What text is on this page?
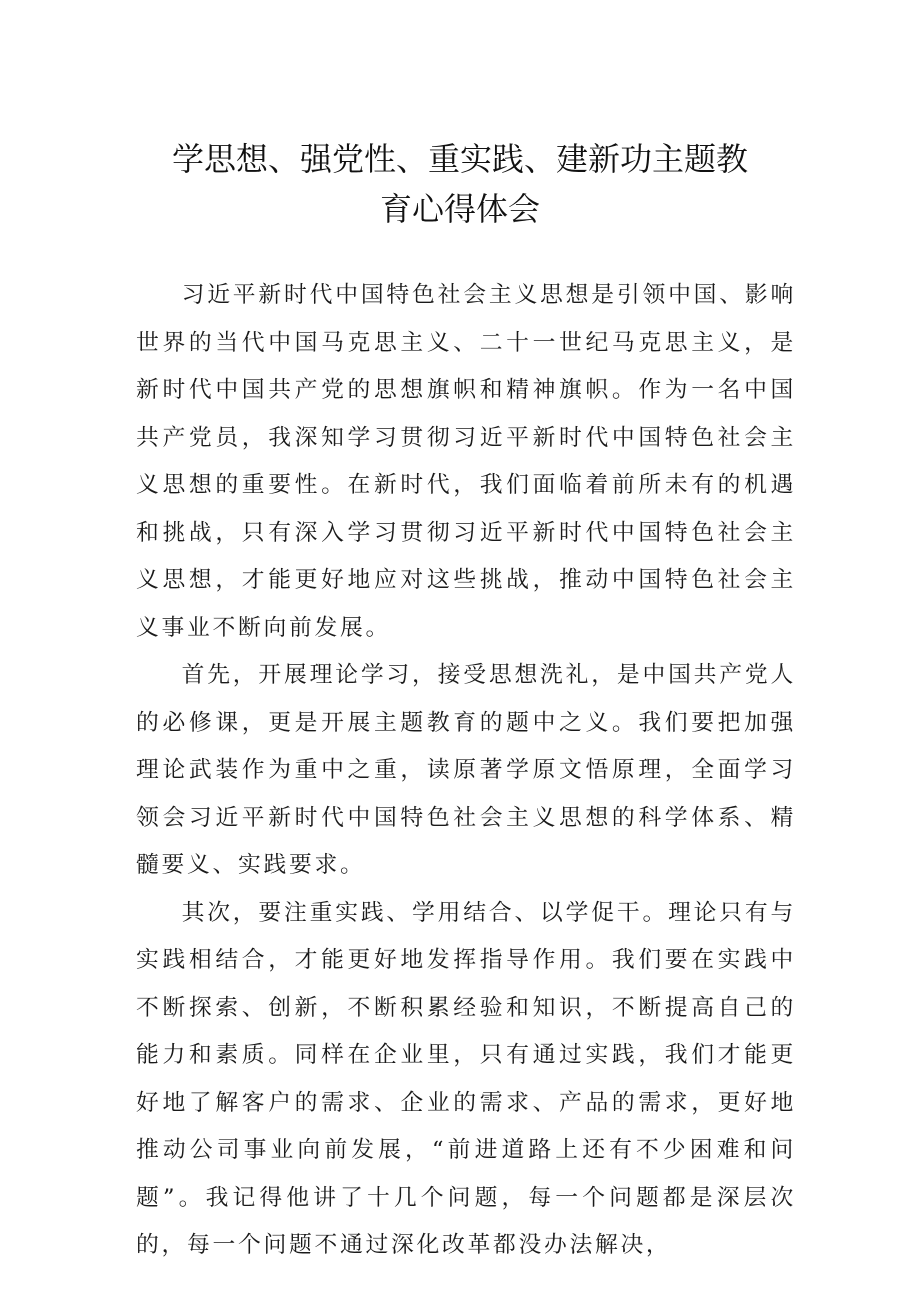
学思想、强党性、重实践、建新功主题教
育心得体会

习近平新时代中国特色社会主义思想是引领中国、影响世界的当代中国马克思主义、二十一世纪马克思主义，是新时代中国共产党的思想旗帜和精神旗帜。作为一名中国共产党员，我深知学习贯彻习近平新时代中国特色社会主义思想的重要性。在新时代，我们面临着前所未有的机遇和挑战，只有深入学习贯彻习近平新时代中国特色社会主义思想，才能更好地应对这些挑战，推动中国特色社会主义事业不断向前发展。

首先，开展理论学习，接受思想洗礼，是中国共产党人的必修课，更是开展主题教育的题中之义。我们要把加强理论武装作为重中之重，读原著学原文悟原理，全面学习领会习近平新时代中国特色社会主义思想的科学体系、精髓要义、实践要求。

其次，要注重实践、学用结合、以学促干。理论只有与实践相结合，才能更好地发挥指导作用。我们要在实践中不断探索、创新，不断积累经验和知识，不断提高自己的能力和素质。同样在企业里，只有通过实践，我们才能更好地了解客户的需求、企业的需求、产品的需求，更好地推动公司事业向前发展，“前进道路上还有不少困难和问题”。我记得他讲了十几个问题，每一个问题都是深层次的，每一个问题不通过深化改革都没办法解决，
